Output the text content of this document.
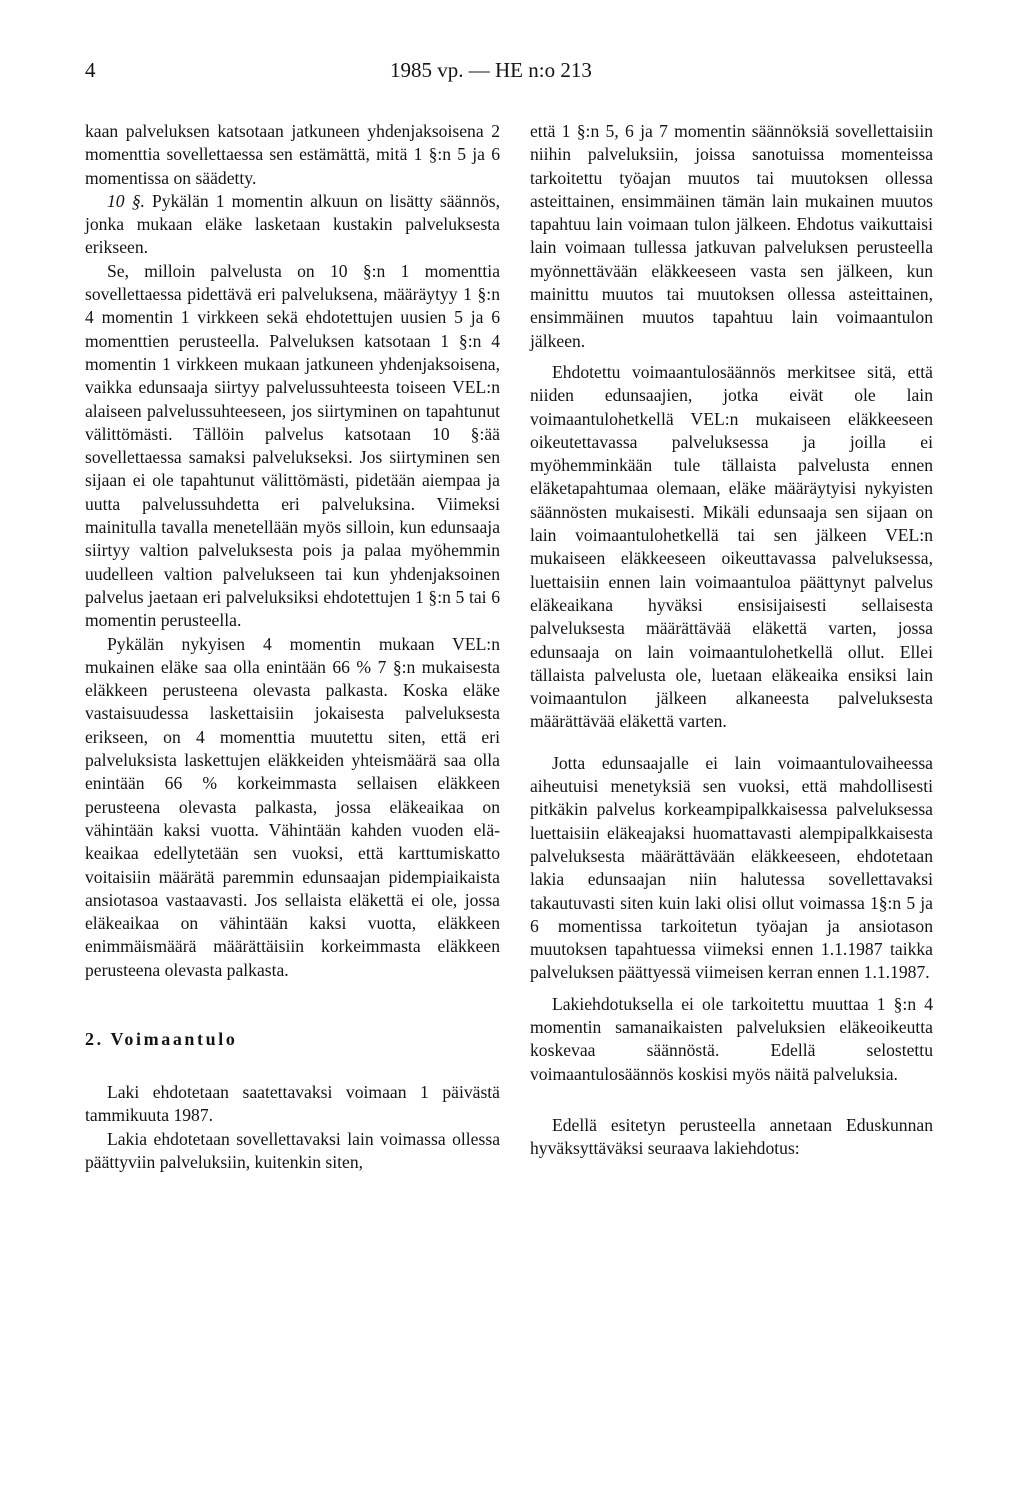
4	1985 vp. — HE n:o 213

kaan palveluksen katsotaan jatkuneen yhdenjaksoisena 2 momenttia sovellettaessa sen estämättä, mitä 1 §:n 5 ja 6 momentissa on säädetty.

10 §. Pykälän 1 momentin alkuun on lisätty säännös, jonka mukaan eläke lasketaan kustakin palveluksesta erikseen.

Se, milloin palvelusta on 10 §:n 1 momenttia sovellettaessa pidettävä eri palveluksena, määräytyy 1 §:n 4 momentin 1 virkkeen sekä ehdotettujen uusien 5 ja 6 momenttien perusteella. Palveluksen katsotaan 1 §:n 4 momentin 1 virkkeen mukaan jatkuneen yhdenjaksoisena, vaikka edunsaaja siirtyy palvelussuhteesta toiseen VEL:n alaiseen palvelussuhteeseen, jos siirtyminen on tapahtunut välittömästi. Tällöin palvelus katsotaan 10 §:ää sovellettaessa samaksi palvelukseksi. Jos siirtyminen sen sijaan ei ole tapahtunut välittömästi, pidetään aiempaa ja uutta palvelussuhdetta eri palveluksina. Viimeksi mainitulla tavalla menetellään myös silloin, kun edunsaaja siirtyy valtion palveluksesta pois ja palaa myöhemmin uudelleen valtion palvelukseen tai kun yhdenjaksoinen palvelus jaetaan eri palveluksiksi ehdotettujen 1 §:n 5 tai 6 momentin perusteella.

Pykälän nykyisen 4 momentin mukaan VEL:n mukainen eläke saa olla enintään 66 % 7 §:n mukaisesta eläkkeen perusteena olevasta palkasta. Koska eläke vastaisuudessa laskettaisiin jokaisesta palveluksesta erikseen, on 4 momenttia muutettu siten, että eri palveluksista laskettujen eläkkeiden yhteismäärä saa olla enintään 66 % korkeimmasta sellaisen eläkkeen perusteena olevasta palkasta, jossa eläkeaikaa on vähintään kaksi vuotta. Vähintään kahden vuoden eläkeaikaa edellytetään sen vuoksi, että karttumiskatto voitaisiin määrätä paremmin edunsaajan pidempiaikaista ansiotasoa vastaavasti. Jos sellaista eläkettä ei ole, jossa eläkeaikaa on vähintään kaksi vuotta, eläkkeen enimmäismäärä määrättäisiin korkeimmasta eläkkeen perusteena olevasta palkasta.

2. Voimaantulo

Laki ehdotetaan saatettavaksi voimaan 1 päivästä tammikuuta 1987.

Lakia ehdotetaan sovellettavaksi lain voimassa ollessa päättyviin palveluksiin, kuitenkin siten,

että 1 §:n 5, 6 ja 7 momentin säännöksiä sovellettaisiin niihin palveluksiin, joissa sanotuissa momenteissa tarkoitettu työajan muutos tai muutoksen ollessa asteittainen, ensimmäinen tämän lain mukainen muutos tapahtuu lain voimaan tulon jälkeen. Ehdotus vaikuttaisi lain voimaan tullessa jatkuvan palveluksen perusteella myönnettävään eläkkeeseen vasta sen jälkeen, kun mainittu muutos tai muutoksen ollessa asteittainen, ensimmäinen muutos tapahtuu lain voimaantulon jälkeen.

Ehdotettu voimaantulosäännös merkitsee sitä, että niiden edunsaajien, jotka eivät ole lain voimaantulohetkellä VEL:n mukaiseen eläkkeeseen oikeutettavassa palveluksessa ja joilla ei myöhemminkään tule tällaista palvelusta ennen eläketapahtumaa olemaan, eläke määräytyisi nykyisten säännösten mukaisesti. Mikäli edunsaaja sen sijaan on lain voimaantulohetkellä tai sen jälkeen VEL:n mukaiseen eläkkeeseen oikeuttavassa palveluksessa, luettaisiin ennen lain voimaantuloa päättynyt palvelus eläkeaikana hyväksi ensisijaisesti sellaisesta palveluksesta määrättävää eläkettä varten, jossa edunsaaja on lain voimaantulohetkellä ollut. Ellei tällaista palvelusta ole, luetaan eläkeaika ensiksi lain voimaantulon jälkeen alkaneesta palveluksesta määrättävää eläkettä varten.

Jotta edunsaajalle ei lain voimaantulovaiheessa aiheutuisi menetyksiä sen vuoksi, että mahdollisesti pitkäkin palvelus korkeampipalkkaisessa palveluksessa luettaisiin eläkeajaksi huomattavasti alempipalkkaisesta palveluksesta määrättävään eläkkeeseen, ehdotetaan lakia edunsaajan niin halutessa sovellettavaksi takautuvasti siten kuin laki olisi ollut voimassa 1§:n 5 ja 6 momentissa tarkoitetun työajan ja ansiotason muutoksen tapahtuessa viimeksi ennen 1.1.1987 taikka palveluksen päättyessä viimeisen kerran ennen 1.1.1987.

Lakiehdotuksella ei ole tarkoitettu muuttaa 1 §:n 4 momentin samanaikaisten palveluksien eläkeoikeutta koskevaa säännöstä. Edellä selostettu voimaantulosäännös koskisi myös näitä palveluksia.

Edellä esitetyn perusteella annetaan Eduskunnan hyväksyttäväksi seuraava lakiehdotus:
